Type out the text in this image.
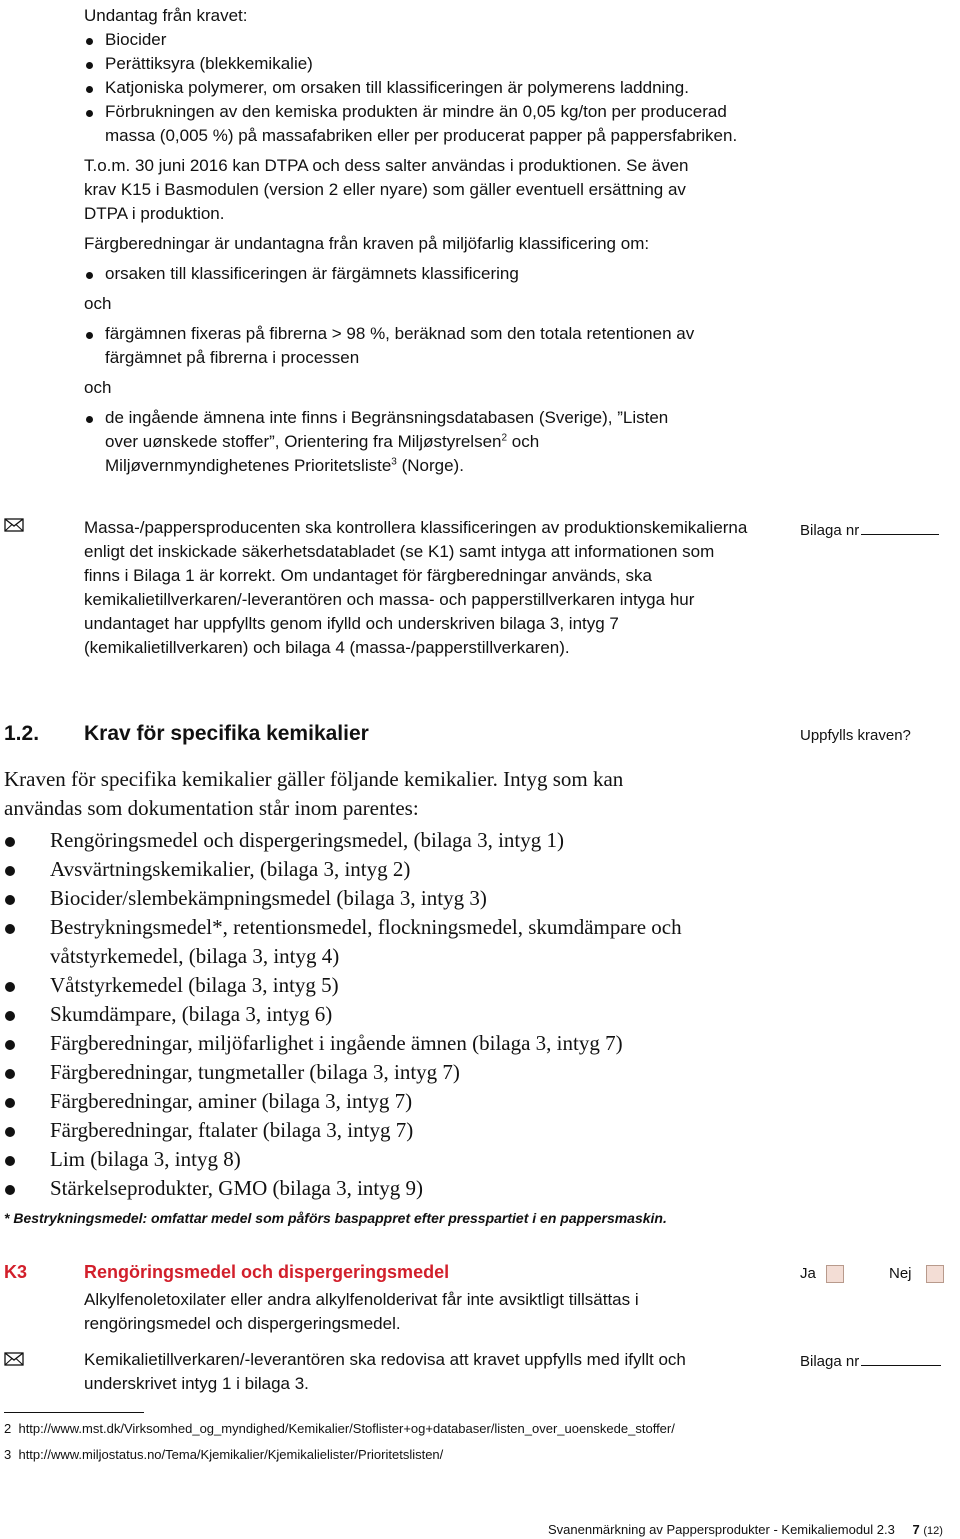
Undantag från kravet:
Biocider
Perättiksyra (blekkemikalie)
Katjoniska polymerer, om orsaken till klassificeringen är polymerens laddning.
Förbrukningen av den kemiska produkten är mindre än 0,05 kg/ton per producerad massa (0,005 %) på massafabriken eller per producerat papper på pappersfabriken.
T.o.m. 30 juni 2016 kan DTPA och dess salter användas i produktionen. Se även krav K15 i Basmodulen (version 2 eller nyare) som gäller eventuell ersättning av DTPA i produktion.
Färgberedningar är undantagna från kraven på miljöfarlig klassificering om:
orsaken till klassificeringen är färgämnets klassificering
och
färgämnen fixeras på fibrerna > 98 %, beräknad som den totala retentionen av färgämnet på fibrerna i processen
och
de ingående ämnena inte finns i Begränsningsdatabasen (Sverige), ”Listen over uønskede stoffer”, Orientering fra Miljøstyrelsen$^2$ och Miljøvernmyndighetenes Prioritetsliste$^3$ (Norge).
Massa-/pappersproducenten ska kontrollera klassificeringen av produktionskemikalierna enligt det inskickade säkerhetsdatabladet (se K1) samt intyga att informationen som finns i Bilaga 1 är korrekt. Om undantaget för färgberedningar används, ska kemikalietillverkaren/-leverantören och massa- och papperstillverkaren intyga hur undantaget har uppfyllts genom ifylld och underskriven bilaga 3, intyg 7 (kemikalietillverkaren) och bilaga 4 (massa-/papperstillverkaren).
Bilaga nr
1.2. Krav för specifika kemikalier	Uppfylls kraven?
Kraven för specifika kemikalier gäller följande kemikalier. Intyg som kan användas som dokumentation står inom parentes:
Rengöringsmedel och dispergeringsmedel, (bilaga 3, intyg 1)
Avsvärtningskemikalier, (bilaga 3, intyg 2)
Biocider/slembekämpningsmedel (bilaga 3, intyg 3)
Bestrykningsmedel*, retentionsmedel, flockningsmedel, skumdämpare och våtstyrkemedel, (bilaga 3, intyg 4)
Våtstyrkemedel (bilaga 3, intyg 5)
Skumdämpare, (bilaga 3, intyg 6)
Färgberedningar, miljöfarlighet i ingående ämnen (bilaga 3, intyg 7)
Färgberedningar, tungmetaller (bilaga 3, intyg 7)
Färgberedningar, aminer (bilaga 3, intyg 7)
Färgberedningar, ftalater (bilaga 3, intyg 7)
Lim (bilaga 3, intyg 8)
Stärkelseprodukter, GMO (bilaga 3, intyg 9)
* Bestrykningsmedel: omfattar medel som påförs baspappret efter presspartiet i en pappersmaskin.
K3	Rengöringsmedel och dispergeringsmedel	Ja	Nej
Alkylfenoletoxilater eller andra alkylfenolderivat får inte avsiktligt tillsättas i rengöringsmedel och dispergeringsmedel.
Kemikalietillverkaren/-leverantören ska redovisa att kravet uppfylls med ifyllt och underskrivet intyg 1 i bilaga 3.
Bilaga nr
2 http://www.mst.dk/Virksomhed_og_myndighed/Kemikalier/Stoflister+og+databaser/listen_over_uoenskede_stoffer/
3 http://www.miljostatus.no/Tema/Kjemikalier/Kjemikalielister/Prioritetslisten/
Svanenmärkning av Pappersprodukter - Kemikaliemodul 2.3 7 (12)
